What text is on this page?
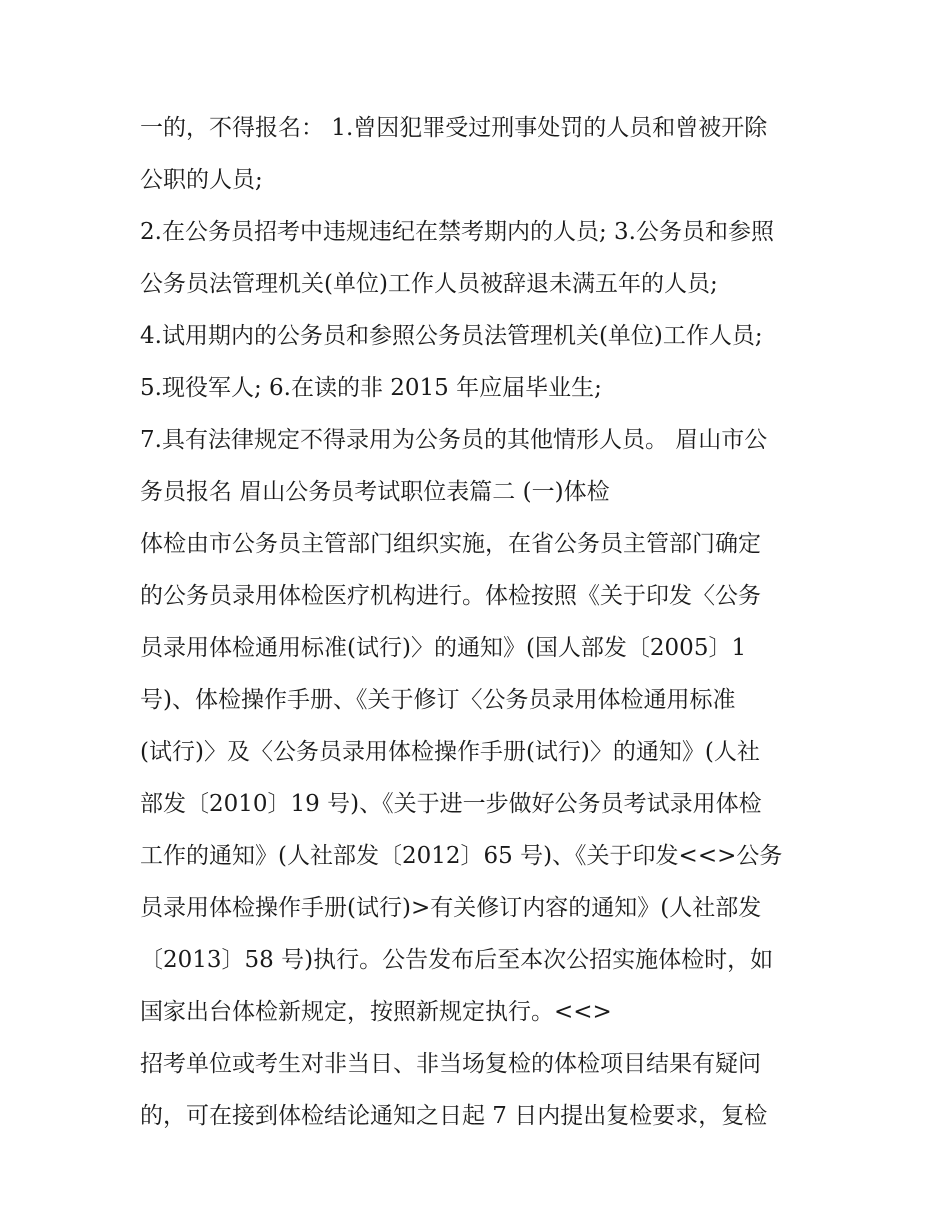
一的，不得报名： 1.曾因犯罪受过刑事处罚的人员和曾被开除
公职的人员;
2.在公务员招考中违规违纪在禁考期内的人员; 3.公务员和参照
公务员法管理机关(单位)工作人员被辞退未满五年的人员;
4.试用期内的公务员和参照公务员法管理机关(单位)工作人员;
5.现役军人; 6.在读的非 2015 年应届毕业生;
7.具有法律规定不得录用为公务员的其他情形人员。 眉山市公
务员报名 眉山公务员考试职位表篇二 (一)体检
体检由市公务员主管部门组织实施，在省公务员主管部门确定
的公务员录用体检医疗机构进行。体检按照《关于印发〈公务
员录用体检通用标准(试行)〉的通知》(国人部发〔2005〕1
号)、体检操作手册、《关于修订〈公务员录用体检通用标准
(试行)〉及〈公务员录用体检操作手册(试行)〉的通知》(人社
部发〔2010〕19 号)、《关于进一步做好公务员考试录用体检
工作的通知》(人社部发〔2012〕65 号)、《关于印发<<>公务
员录用体检操作手册(试行)>有关修订内容的通知》(人社部发
〔2013〕58 号)执行。公告发布后至本次公招实施体检时，如
国家出台体检新规定，按照新规定执行。<<>
招考单位或考生对非当日、非当场复检的体检项目结果有疑问
的，可在接到体检结论通知之日起 7 日内提出复检要求，复检
